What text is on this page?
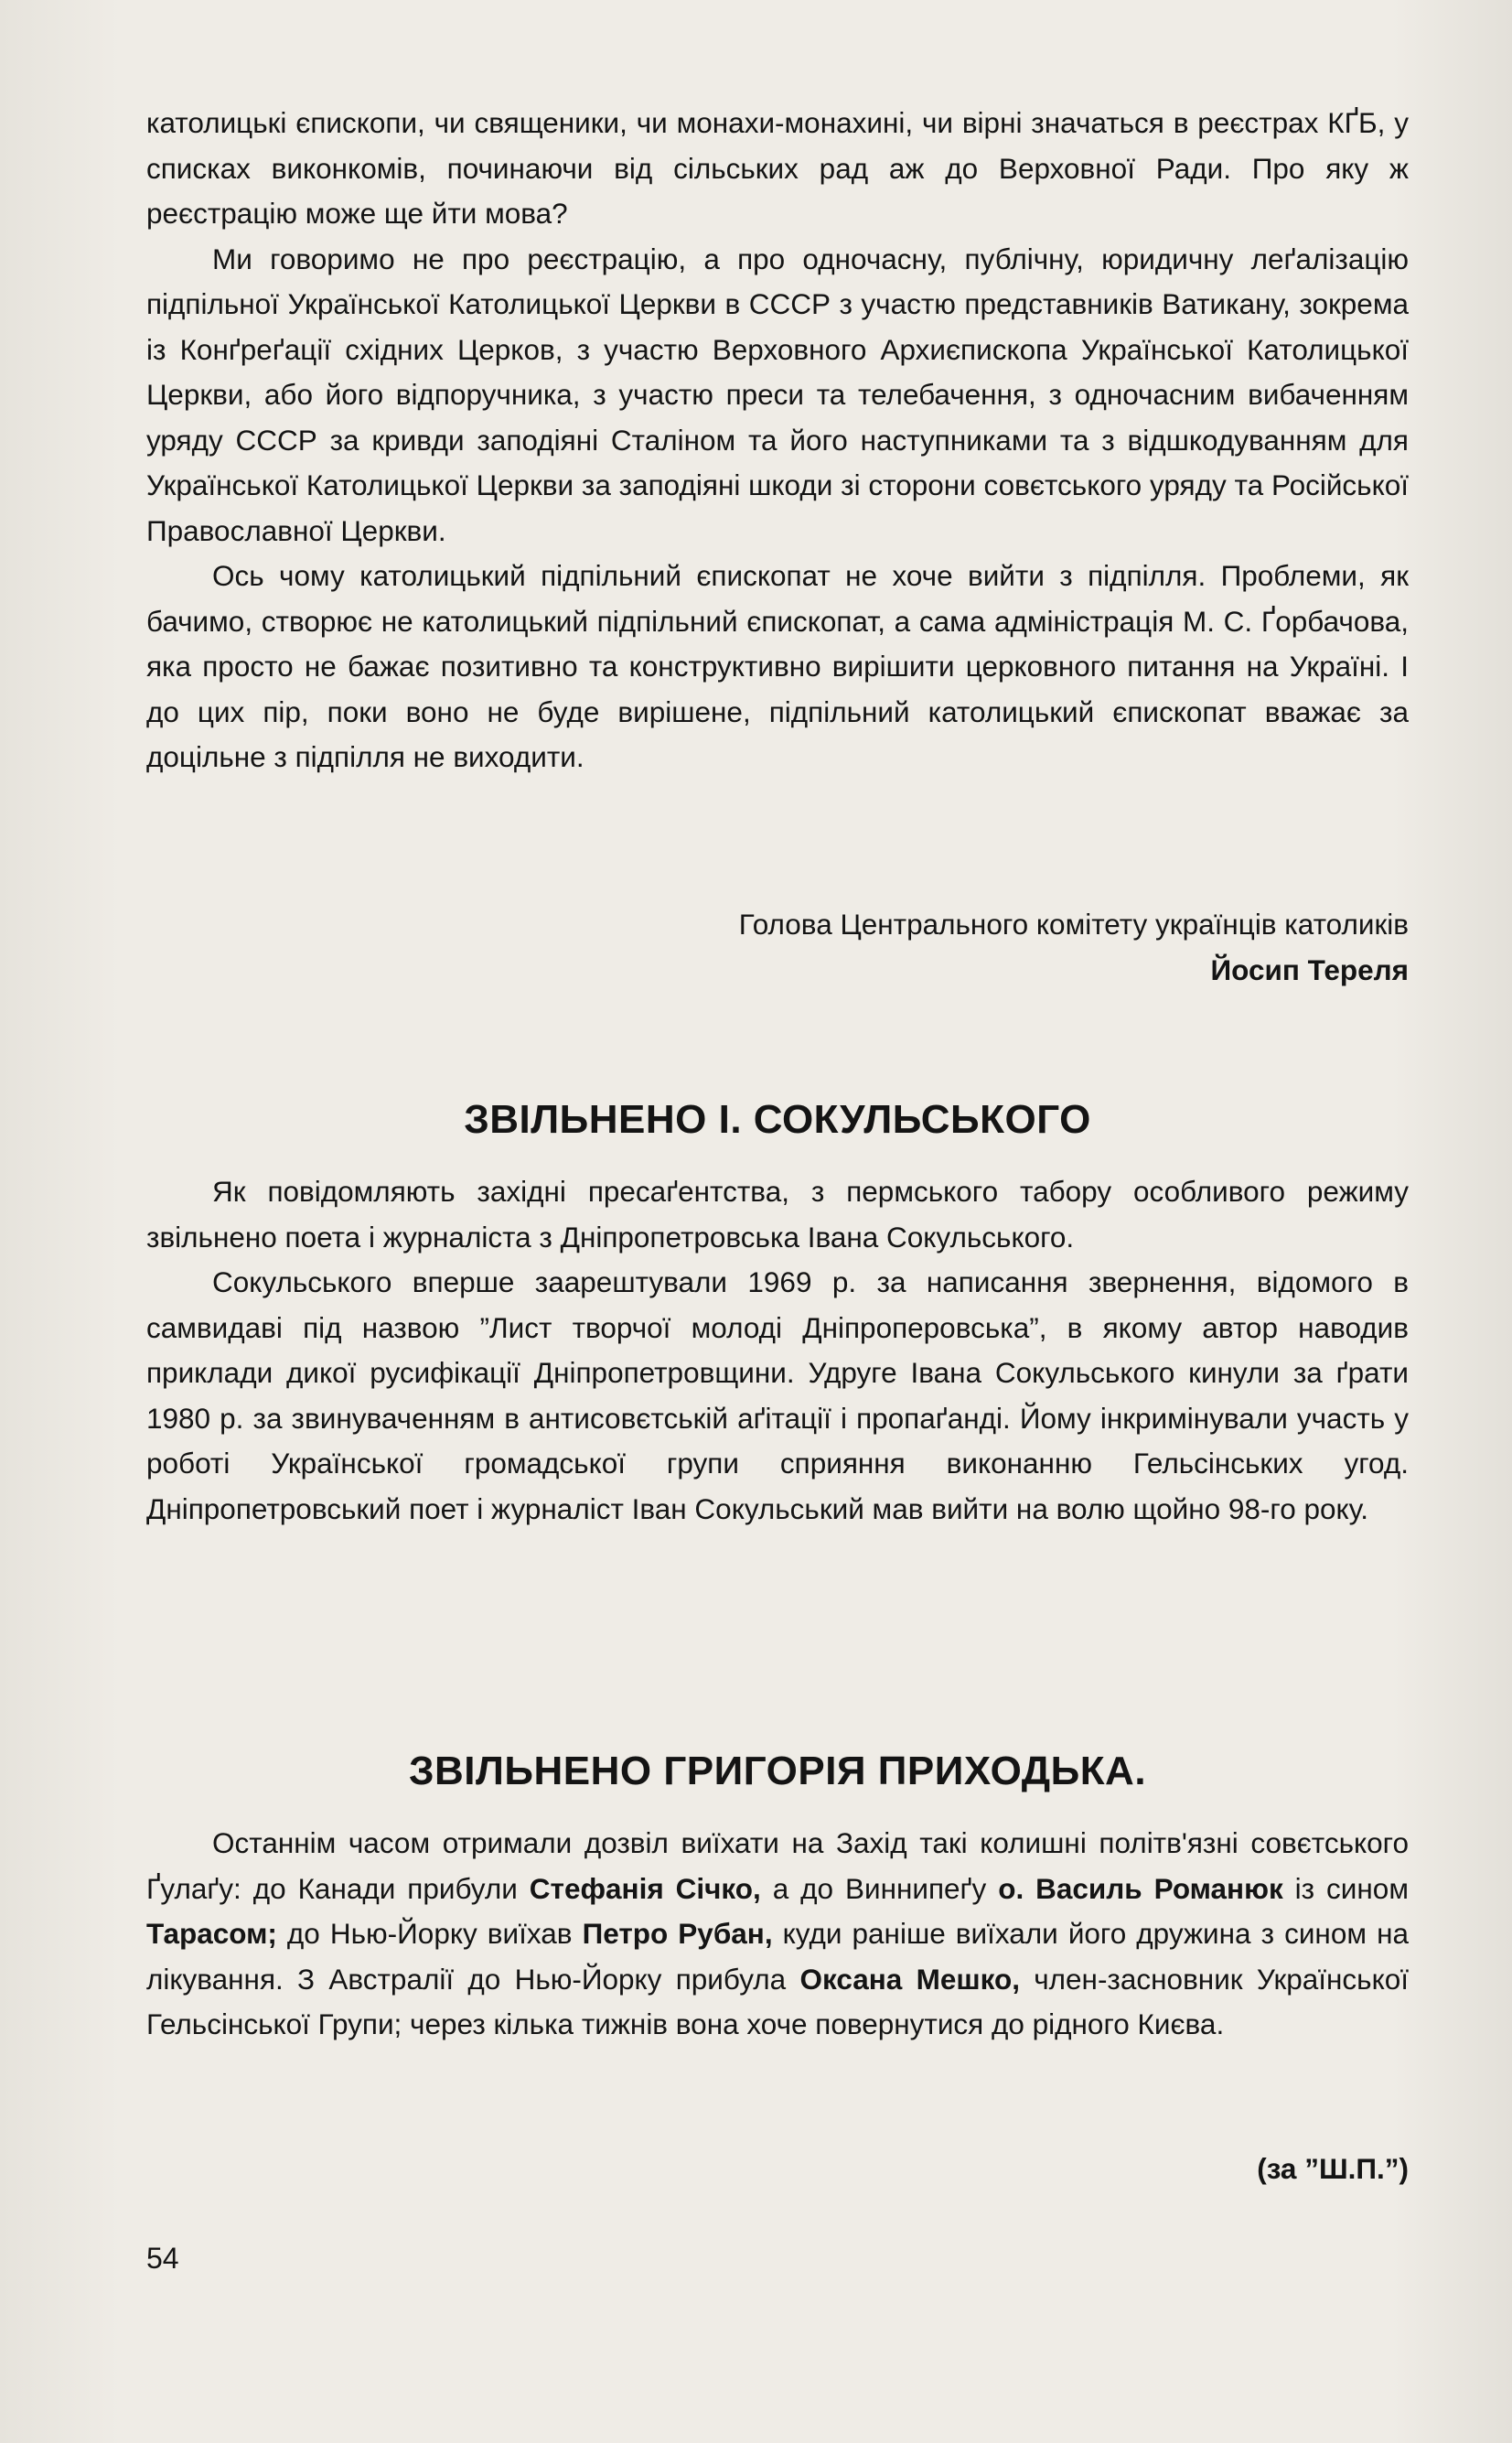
католицькі єпископи, чи священики, чи монахи-монахині, чи вірні значаться в реєстрах КҐБ, у списках виконкомів, починаючи від сільських рад аж до Верховної Ради. Про яку ж реєстрацію може ще йти мова?

Ми говоримо не про реєстрацію, а про одночасну, публічну, юридичну леґалізацію підпільної Української Католицької Церкви в СССР з участю представників Ватикану, зокрема із Конґреґації східних Церков, з участю Верховного Архиєпископа Української Католицької Церкви, або його відпоручника, з участю преси та телебачення, з одночасним вибаченням уряду СССР за кривди заподіяні Сталіном та його наступниками та з відшкодуванням для Української Католицької Церкви за заподіяні шкоди зі сторони совєтського уряду та Російської Православної Церкви.

Ось чому католицький підпільний єпископат не хоче вийти з підпілля. Проблеми, як бачимо, створює не католицький підпільний єпископат, а сама адміністрація М. С. Ґорбачова, яка просто не бажає позитивно та конструктивно вирішити церковного питання на Україні. І до цих пір, поки воно не буде вирішене, підпільний католицький єпископат вважає за доцільне з підпілля не виходити.

Голова Центрального комітету українців католиків
Йосип Тереля
ЗВІЛЬНЕНО І. СОКУЛЬСЬКОГО

Як повідомляють західні пресаґентства, з пермського табору особливого режиму звільнено поета і журналіста з Дніпропетровська Івана Сокульського.

Сокульського вперше заарештували 1969 р. за написання звернення, відомого в самвидаві під назвою ”Лист творчої молоді Дніпроперовська”, в якому автор наводив приклади дикої русифікації Дніпропетровщини. Удруге Івана Сокульського кинули за ґрати 1980 р. за звинуваченням в антисовєтській аґітації і пропаґанді. Йому інкримінували участь у роботі Української громадської групи сприяння виконанню Гельсінських угод. Дніпропетровський поет і журналіст Іван Сокульський мав вийти на волю щойно 98-го року.

ЗВІЛЬНЕНО ГРИГОРІЯ ПРИХОДЬКА.

Останнім часом отримали дозвіл виїхати на Захід такі колишні політв'язні совєтського Ґулаґу: до Канади прибули Стефанія Січко, а до Виннипеґу о. Василь Романюк із сином Тарасом; до Нью-Йорку виїхав Петро Рубан, куди раніше виїхали його дружина з сином на лікування. З Австралії до Нью-Йорку прибула Оксана Мешко, член-засновник Української Гельсінської Групи; через кілька тижнів вона хоче повернутися до рідного Києва.

(за ”Ш.П.”)
54
